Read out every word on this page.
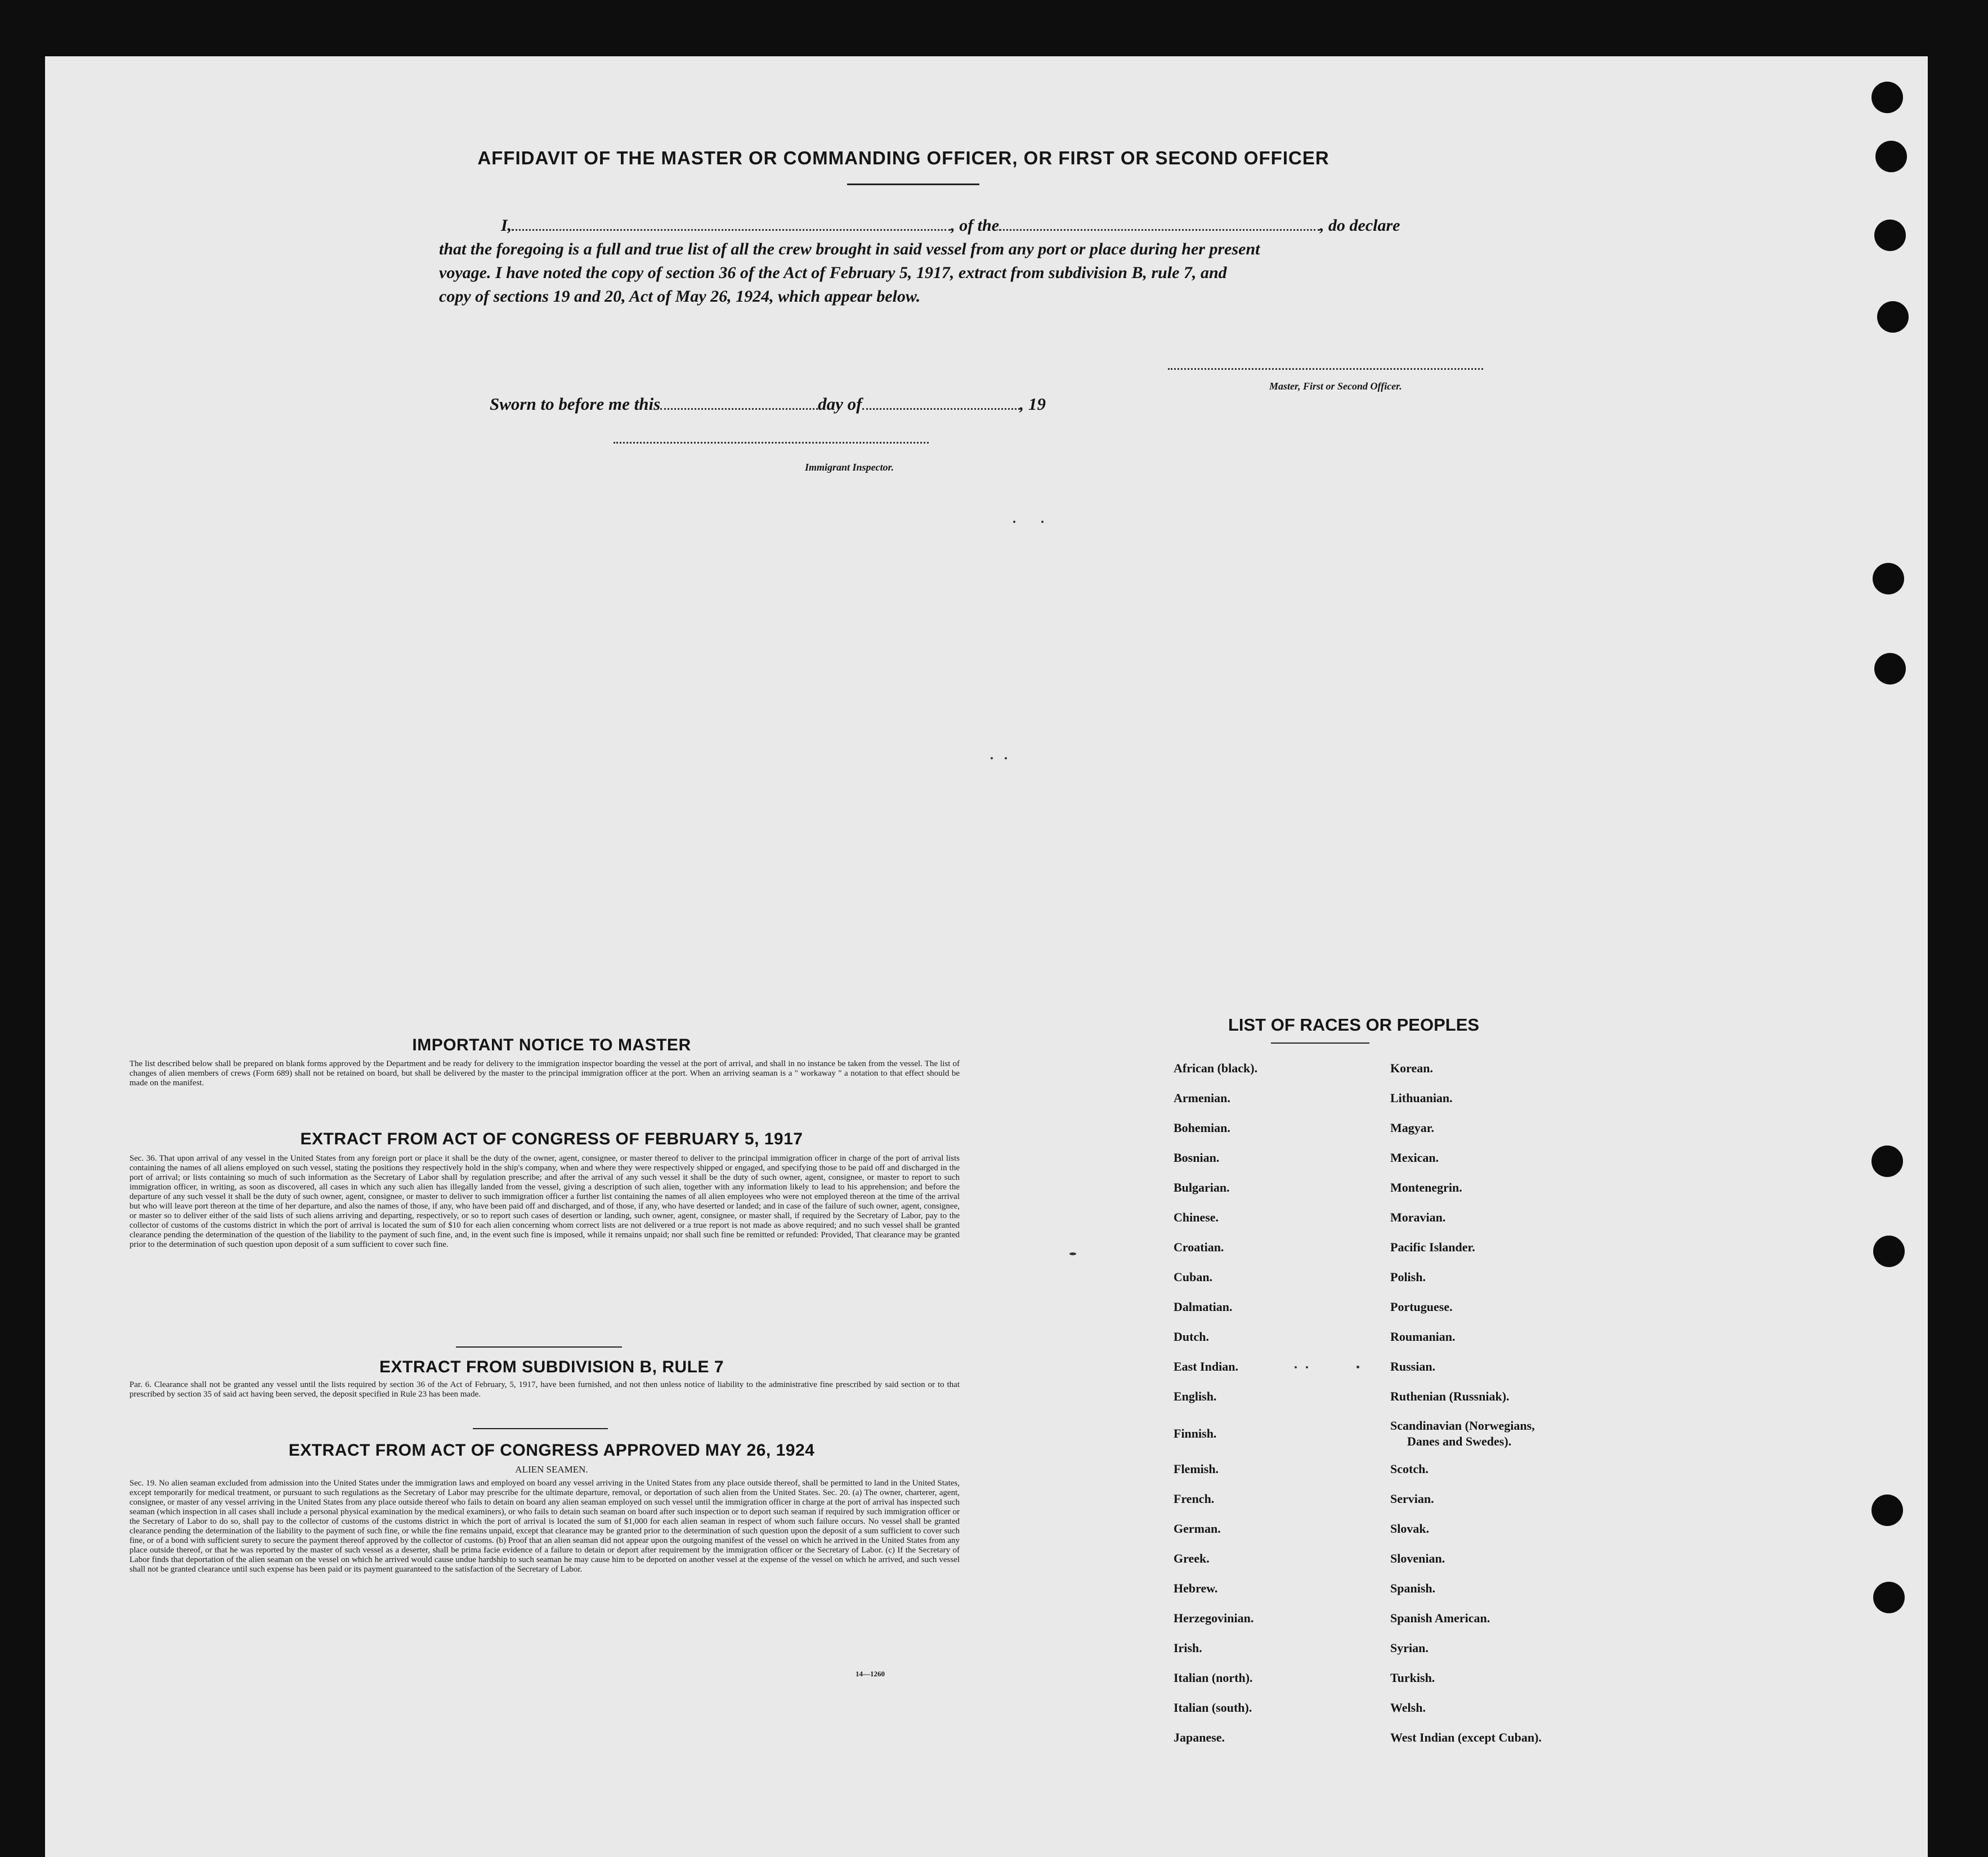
AFFIDAVIT OF THE MASTER OR COMMANDING OFFICER, OR FIRST OR SECOND OFFICER
I,	, of the	, do declare
that the foregoing is a full and true list of all the crew brought in said vessel from any port or place during her present
voyage. I have noted the copy of section 36 of the Act of February 5, 1917, extract from subdivision B, rule 7, and
copy of sections 19 and 20, Act of May 26, 1924, which appear below.
Master, First or Second Officer.
Sworn to before me this	day of	, 19
Immigrant Inspector.
IMPORTANT NOTICE TO MASTER
The list described below shall be prepared on blank forms approved by the Department and be ready for delivery to the immigration inspector boarding the vessel at the port of arrival, and shall in no instance be taken from the vessel. The list of changes of alien members of crews (Form 689) shall not be retained on board, but shall be delivered by the master to the principal immigration officer at the port. When an arriving seaman is a " workaway " a notation to that effect should be made on the manifest.
EXTRACT FROM ACT OF CONGRESS OF FEBRUARY 5, 1917
Sec. 36. That upon arrival of any vessel in the United States from any foreign port or place it shall be the duty of the owner, agent, consignee, or master thereof to deliver to the principal immigration officer in charge of the port of arrival lists containing the names of all aliens employed on such vessel, stating the positions they respectively hold in the ship's company, when and where they were respectively shipped or engaged, and specifying those to be paid off and discharged in the port of arrival; or lists containing so much of such information as the Secretary of Labor shall by regulation prescribe; and after the arrival of any such vessel it shall be the duty of such owner, agent, consignee, or master to report to such immigration officer, in writing, as soon as discovered, all cases in which any such alien has illegally landed from the vessel, giving a description of such alien, together with any information likely to lead to his apprehension; and before the departure of any such vessel it shall be the duty of such owner, agent, consignee, or master to deliver to such immigration officer a further list containing the names of all alien employees who were not employed thereon at the time of the arrival but who will leave port thereon at the time of her departure, and also the names of those, if any, who have been paid off and discharged, and of those, if any, who have deserted or landed; and in case of the failure of such owner, agent, consignee, or master so to deliver either of the said lists of such aliens arriving and departing, respectively, or so to report such cases of desertion or landing, such owner, agent, consignee, or master shall, if required by the Secretary of Labor, pay to the collector of customs of the customs district in which the port of arrival is located the sum of $10 for each alien concerning whom correct lists are not delivered or a true report is not made as above required; and no such vessel shall be granted clearance pending the determination of the question of the liability to the payment of such fine, and, in the event such fine is imposed, while it remains unpaid; nor shall such fine be remitted or refunded: Provided, That clearance may be granted prior to the determination of such question upon deposit of a sum sufficient to cover such fine.
EXTRACT FROM SUBDIVISION B, RULE 7
Par. 6. Clearance shall not be granted any vessel until the lists required by section 36 of the Act of February, 5, 1917, have been furnished, and not then unless notice of liability to the administrative fine prescribed by said section or to that prescribed by section 35 of said act having been served, the deposit specified in Rule 23 has been made.
EXTRACT FROM ACT OF CONGRESS APPROVED MAY 26, 1924
ALIEN SEAMEN.
Sec. 19. No alien seaman excluded from admission into the United States under the immigration laws and employed on board any vessel arriving in the United States from any place outside thereof, shall be permitted to land in the United States, except temporarily for medical treatment, or pursuant to such regulations as the Secretary of Labor may prescribe for the ultimate departure, removal, or deportation of such alien from the United States. Sec. 20. (a) The owner, charterer, agent, consignee, or master of any vessel arriving in the United States from any place outside thereof who fails to detain on board any alien seaman employed on such vessel until the immigration officer in charge at the port of arrival has inspected such seaman (which inspection in all cases shall include a personal physical examination by the medical examiners), or who fails to detain such seaman on board after such inspection or to deport such seaman if required by such immigration officer or the Secretary of Labor to do so, shall pay to the collector of customs of the customs district in which the port of arrival is located the sum of $1,000 for each alien seaman in respect of whom such failure occurs. No vessel shall be granted clearance pending the determination of the liability to the payment of such fine, or while the fine remains unpaid, except that clearance may be granted prior to the determination of such question upon the deposit of a sum sufficient to cover such fine, or of a bond with sufficient surety to secure the payment thereof approved by the collector of customs. (b) Proof that an alien seaman did not appear upon the outgoing manifest of the vessel on which he arrived in the United States from any place outside thereof, or that he was reported by the master of such vessel as a deserter, shall be prima facie evidence of a failure to detain or deport after requirement by the immigration officer or the Secretary of Labor. (c) If the Secretary of Labor finds that deportation of the alien seaman on the vessel on which he arrived would cause undue hardship to such seaman he may cause him to be deported on another vessel at the expense of the vessel on which he arrived, and such vessel shall not be granted clearance until such expense has been paid or its payment guaranteed to the satisfaction of the Secretary of Labor.
14—1260
LIST OF RACES OR PEOPLES
African (black).
Armenian.
Bohemian.
Bosnian.
Bulgarian.
Chinese.
Croatian.
Cuban.
Dalmatian.
Dutch.
East Indian.
English.
Finnish.
Flemish.
French.
German.
Greek.
Hebrew.
Herzegovinian.
Irish.
Italian (north).
Italian (south).
Japanese.
Korean.
Lithuanian.
Magyar.
Mexican.
Montenegrin.
Moravian.
Pacific Islander.
Polish.
Portuguese.
Roumanian.
Russian.
Ruthenian (Russniak).
Scandinavian (Norwegians,
Danes and Swedes).
Scotch.
Servian.
Slovak.
Slovenian.
Spanish.
Spanish American.
Syrian.
Turkish.
Welsh.
West Indian (except Cuban).
